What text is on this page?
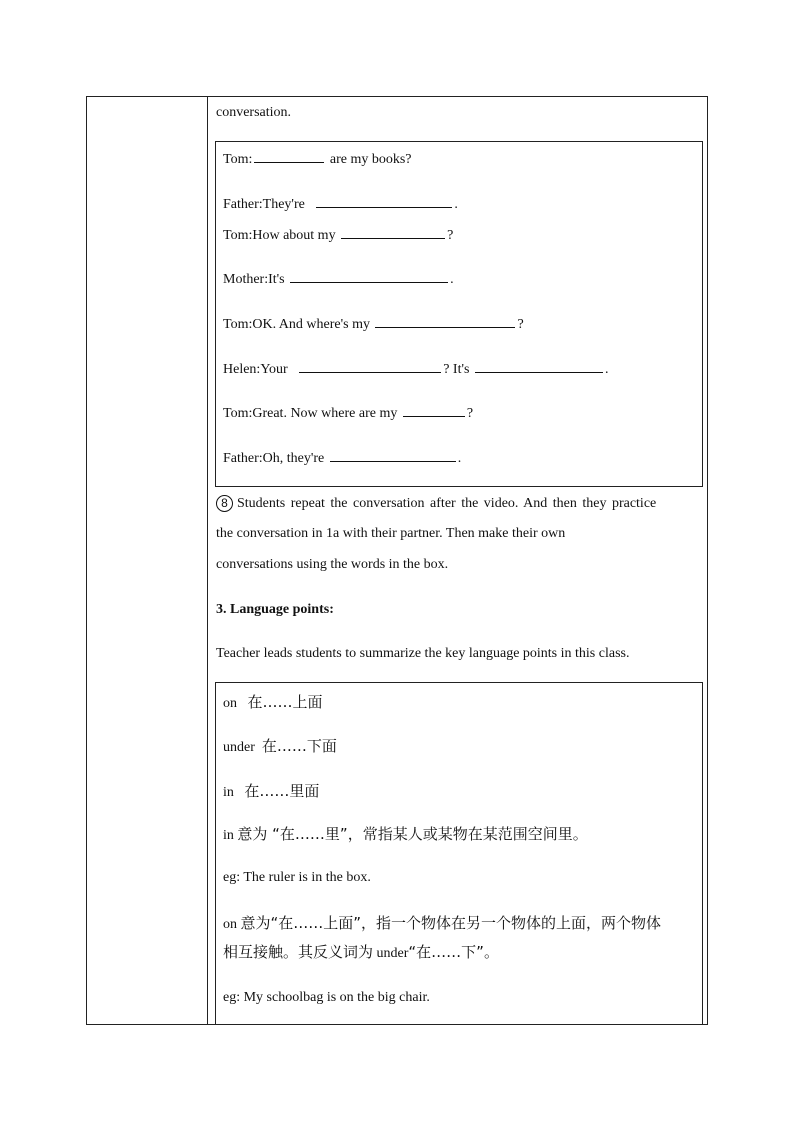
conversation.
Tom:	are my books?
Father:They're	.
Tom:How about my	?
Mother:It's	.
Tom:OK. And where's my	?
Helen:Your	? It's	.
Tom:Great. Now where are my	?
Father:Oh, they're	.
8 Students repeat the conversation after the video. And then they practice
the conversation in 1a with their partner. Then make their own
conversations using the words in the box.
3. Language points:
Teacher leads students to summarize the key language points in this class.
on 在……上面
under 在……下面
in 在……里面
in 意为 “在……里”，常指某人或某物在某范围空间里。
eg: The ruler is in the box.
on 意为“在……上面”，指一个物体在另一个物体的上面，两个物体
相互接触。其反义词为 under“在……下”。
eg: My schoolbag is on the big chair.
